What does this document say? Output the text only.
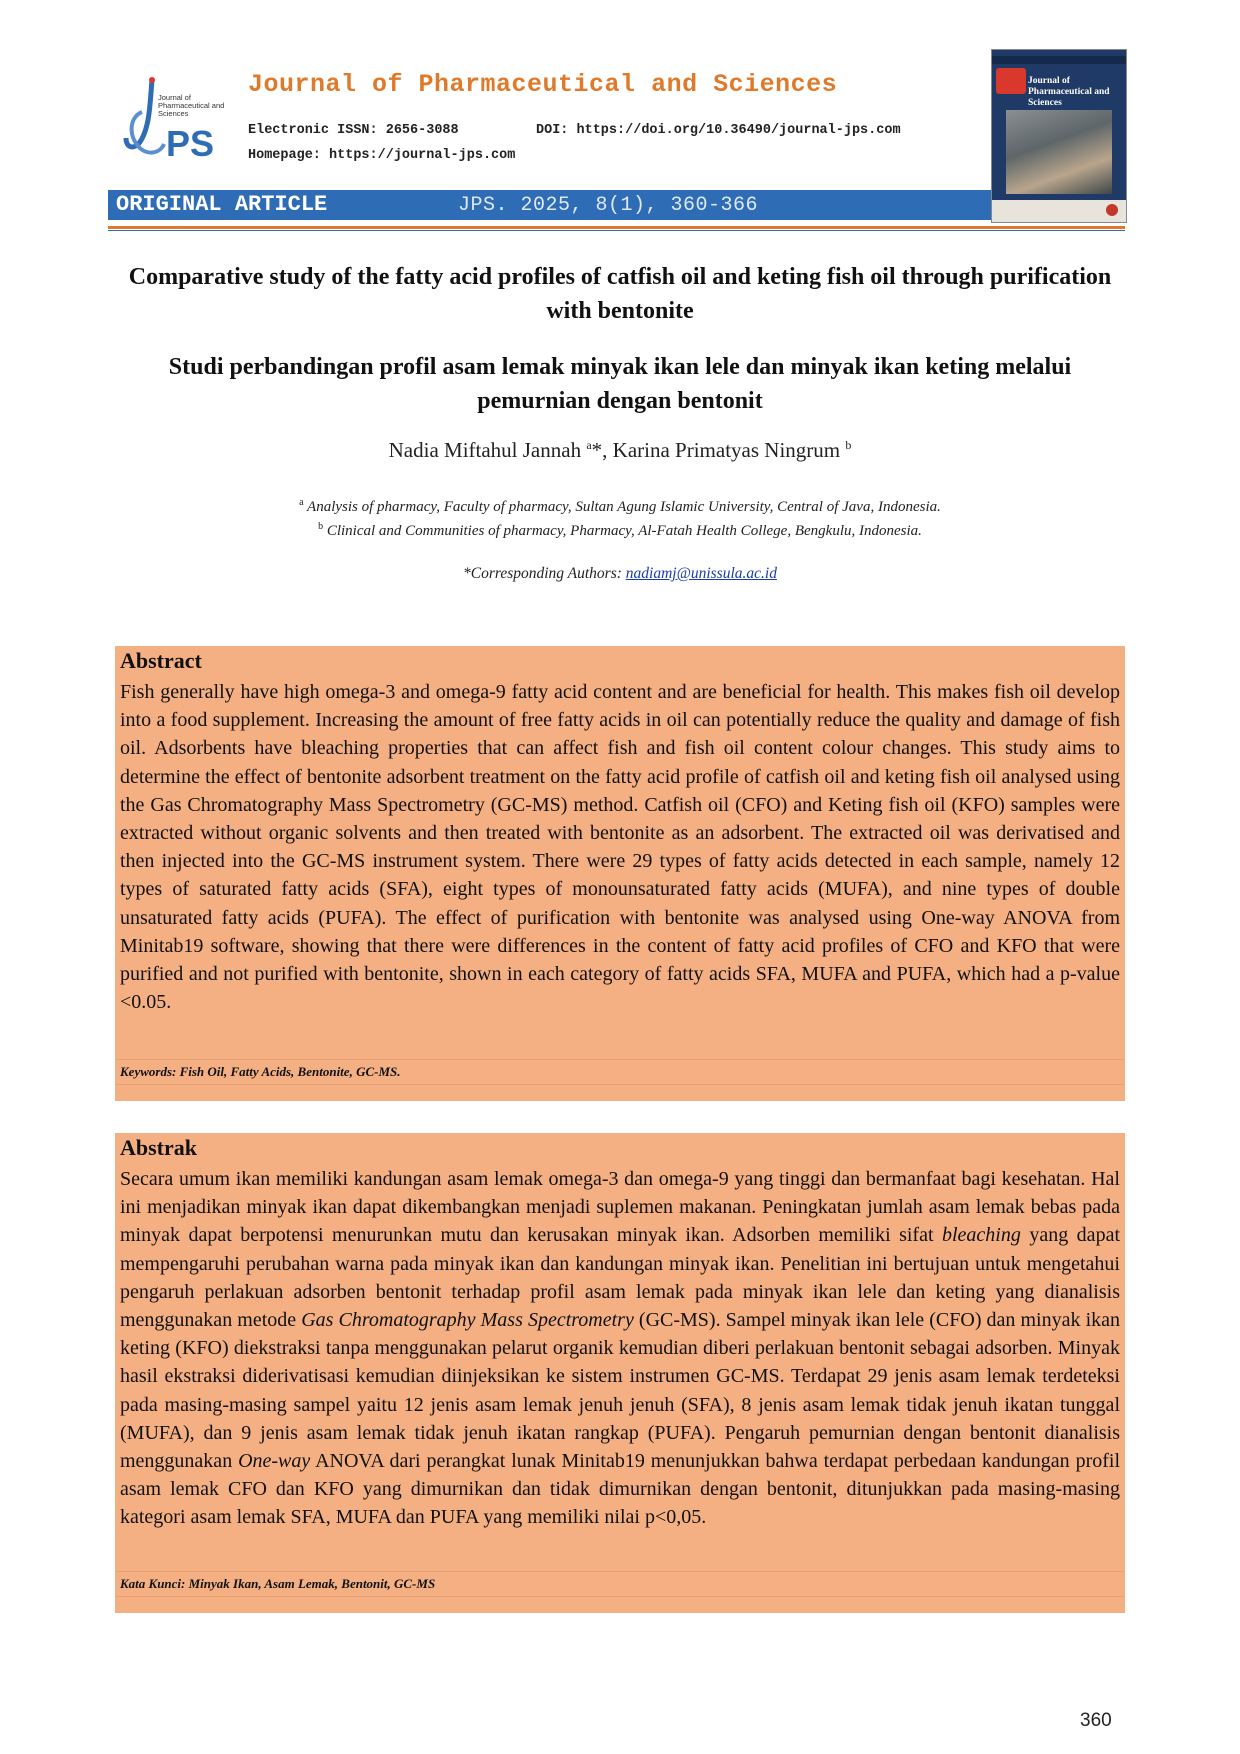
PS
Journal of Pharmaceutical and Sciences
Journal of Pharmaceutical and Sciences
Electronic ISSN: 2656-3088	DOI: https://doi.org/10.36490/journal-jps.com
Homepage: https://journal-jps.com
Journal of Pharmaceutical and Sciences
ORIGINAL ARTICLE	JPS. 2025, 8(1), 360-366
Comparative study of the fatty acid profiles of catfish oil and keting fish oil through purification with bentonite
Studi perbandingan profil asam lemak minyak ikan lele dan minyak ikan keting melalui pemurnian dengan bentonit
Nadia Miftahul Jannah $^a$*, Karina Primatyas Ningrum $^b$
$^a$ Analysis of pharmacy, Faculty of pharmacy, Sultan Agung Islamic University, Central of Java, Indonesia.
$^b$ Clinical and Communities of pharmacy, Pharmacy, Al-Fatah Health College, Bengkulu, Indonesia.
*Corresponding Authors: nadiamj@unissula.ac.id
Abstract
Fish generally have high omega-3 and omega-9 fatty acid content and are beneficial for health. This makes fish oil develop into a food supplement. Increasing the amount of free fatty acids in oil can potentially reduce the quality and damage of fish oil. Adsorbents have bleaching properties that can affect fish and fish oil content colour changes. This study aims to determine the effect of bentonite adsorbent treatment on the fatty acid profile of catfish oil and keting fish oil analysed using the Gas Chromatography Mass Spectrometry (GC-MS) method. Catfish oil (CFO) and Keting fish oil (KFO) samples were extracted without organic solvents and then treated with bentonite as an adsorbent. The extracted oil was derivatised and then injected into the GC-MS instrument system. There were 29 types of fatty acids detected in each sample, namely 12 types of saturated fatty acids (SFA), eight types of monounsaturated fatty acids (MUFA), and nine types of double unsaturated fatty acids (PUFA). The effect of purification with bentonite was analysed using One-way ANOVA from Minitab19 software, showing that there were differences in the content of fatty acid profiles of CFO and KFO that were purified and not purified with bentonite, shown in each category of fatty acids SFA, MUFA and PUFA, which had a p-value <0.05.
Keywords: Fish Oil, Fatty Acids, Bentonite, GC-MS.
Abstrak
Secara umum ikan memiliki kandungan asam lemak omega-3 dan omega-9 yang tinggi dan bermanfaat bagi kesehatan. Hal ini menjadikan minyak ikan dapat dikembangkan menjadi suplemen makanan. Peningkatan jumlah asam lemak bebas pada minyak dapat berpotensi menurunkan mutu dan kerusakan minyak ikan. Adsorben memiliki sifat bleaching yang dapat mempengaruhi perubahan warna pada minyak ikan dan kandungan minyak ikan. Penelitian ini bertujuan untuk mengetahui pengaruh perlakuan adsorben bentonit terhadap profil asam lemak pada minyak ikan lele dan keting yang dianalisis menggunakan metode Gas Chromatography Mass Spectrometry (GC-MS). Sampel minyak ikan lele (CFO) dan minyak ikan keting (KFO) diekstraksi tanpa menggunakan pelarut organik kemudian diberi perlakuan bentonit sebagai adsorben. Minyak hasil ekstraksi diderivatisasi kemudian diinjeksikan ke sistem instrumen GC-MS. Terdapat 29 jenis asam lemak terdeteksi pada masing-masing sampel yaitu 12 jenis asam lemak jenuh jenuh (SFA), 8 jenis asam lemak tidak jenuh ikatan tunggal (MUFA), dan 9 jenis asam lemak tidak jenuh ikatan rangkap (PUFA). Pengaruh pemurnian dengan bentonit dianalisis menggunakan One-way ANOVA dari perangkat lunak Minitab19 menunjukkan bahwa terdapat perbedaan kandungan profil asam lemak CFO dan KFO yang dimurnikan dan tidak dimurnikan dengan bentonit, ditunjukkan pada masing-masing kategori asam lemak SFA, MUFA dan PUFA yang memiliki nilai p<0,05.
Kata Kunci: Minyak Ikan, Asam Lemak, Bentonit, GC-MS
360
